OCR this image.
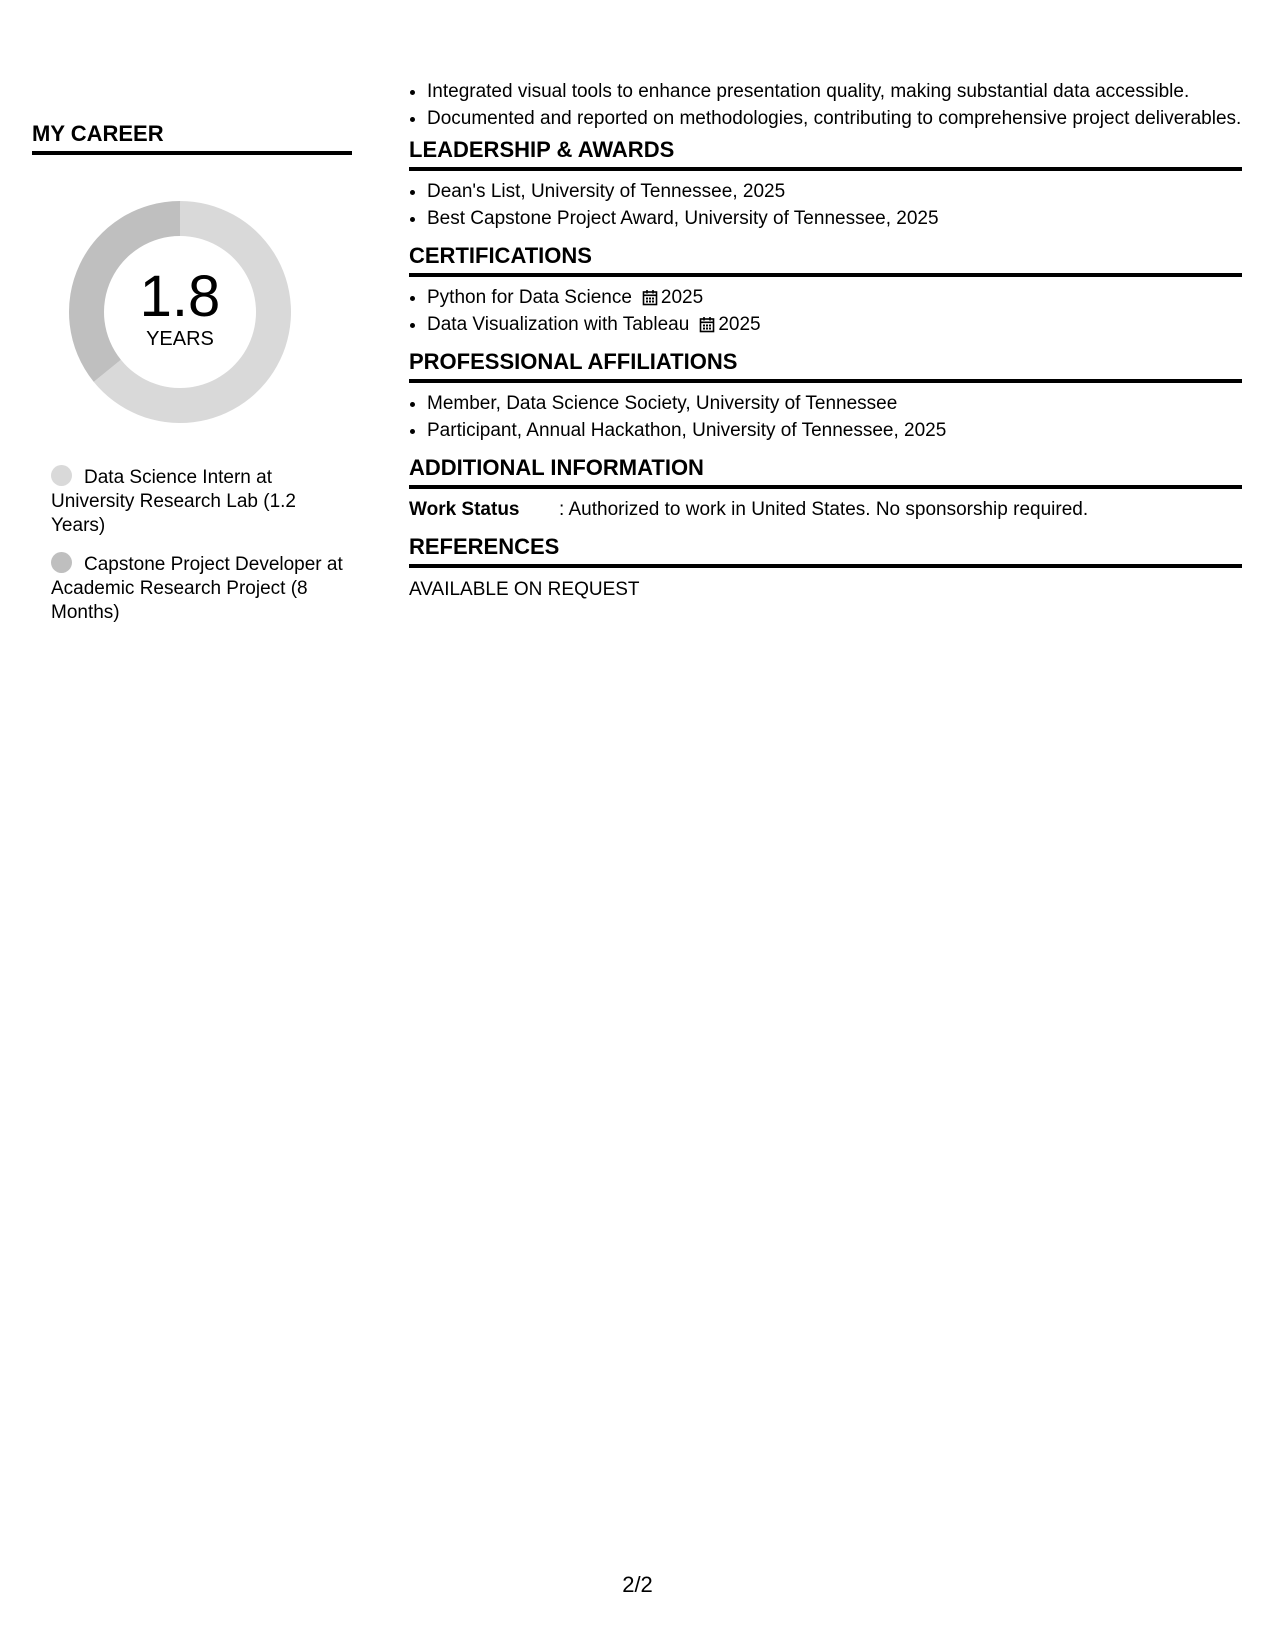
MY CAREER
1.8
YEARS
Data Science Intern at University Research Lab (1.2 Years)
Capstone Project Developer at Academic Research Project (8 Months)
• Integrated visual tools to enhance presentation quality, making substantial data accessible.
• Documented and reported on methodologies, contributing to comprehensive project deliverables.
LEADERSHIP & AWARDS
• Dean's List, University of Tennessee, 2025
• Best Capstone Project Award, University of Tennessee, 2025
CERTIFICATIONS
• Python for Data Science 2025
• Data Visualization with Tableau 2025
PROFESSIONAL AFFILIATIONS
• Member, Data Science Society, University of Tennessee
• Participant, Annual Hackathon, University of Tennessee, 2025
ADDITIONAL INFORMATION
Work Status	: Authorized to work in United States. No sponsorship required.
REFERENCES
AVAILABLE ON REQUEST
2/2
